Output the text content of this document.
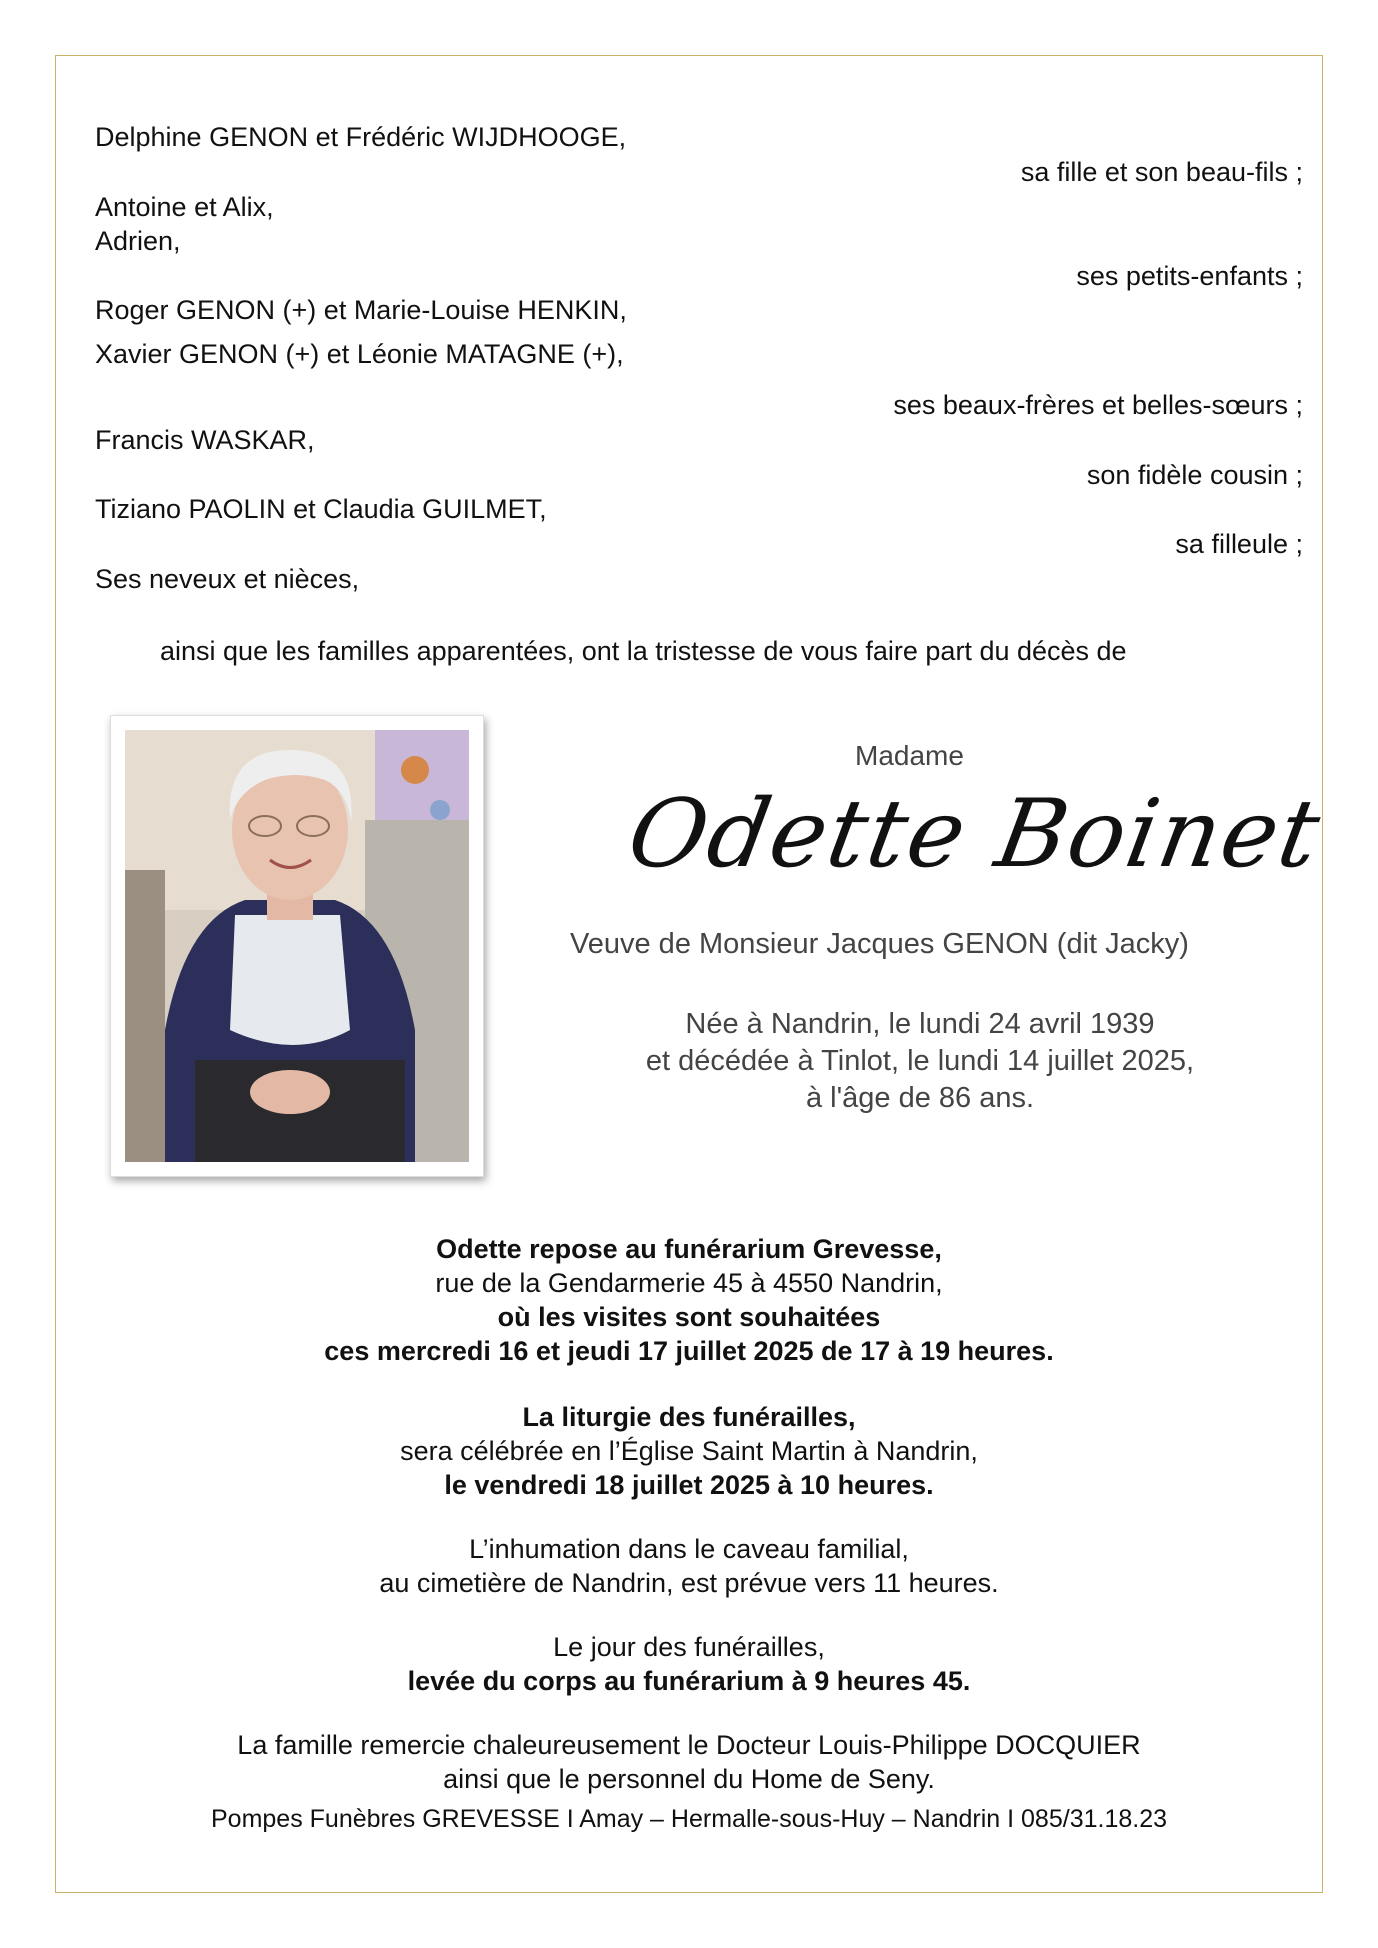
Delphine GENON et Frédéric WIJDHOOGE,
sa fille et son beau-fils ;
Antoine et Alix,
Adrien,
ses petits-enfants ;
Roger GENON (+) et Marie-Louise HENKIN,
Xavier GENON (+) et Léonie MATAGNE (+),
ses beaux-frères et belles-sœurs ;
Francis WASKAR,
son fidèle cousin ;
Tiziano PAOLIN et Claudia GUILMET,
sa filleule ;
Ses neveux et nièces,
ainsi que les familles apparentées, ont la tristesse de vous faire part du décès de
Madame
Odette Boinet
Veuve de Monsieur Jacques GENON (dit Jacky)
Née à Nandrin, le lundi 24 avril 1939
et décédée à Tinlot, le lundi 14 juillet 2025,
à l'âge de 86 ans.
Odette repose au funérarium Grevesse,
rue de la Gendarmerie 45 à 4550 Nandrin,
où les visites sont souhaitées
ces mercredi 16 et jeudi 17 juillet 2025 de 17 à 19 heures.
La liturgie des funérailles,
sera célébrée en l’Église Saint Martin à Nandrin,
le vendredi 18 juillet 2025 à 10 heures.
L’inhumation dans le caveau familial,
au cimetière de Nandrin, est prévue vers 11 heures.
Le jour des funérailles,
levée du corps au funérarium à 9 heures 45.
La famille remercie chaleureusement le Docteur Louis-Philippe DOCQUIER
ainsi que le personnel du Home de Seny.
Pompes Funèbres GREVESSE I Amay – Hermalle-sous-Huy – Nandrin I 085/31.18.23
